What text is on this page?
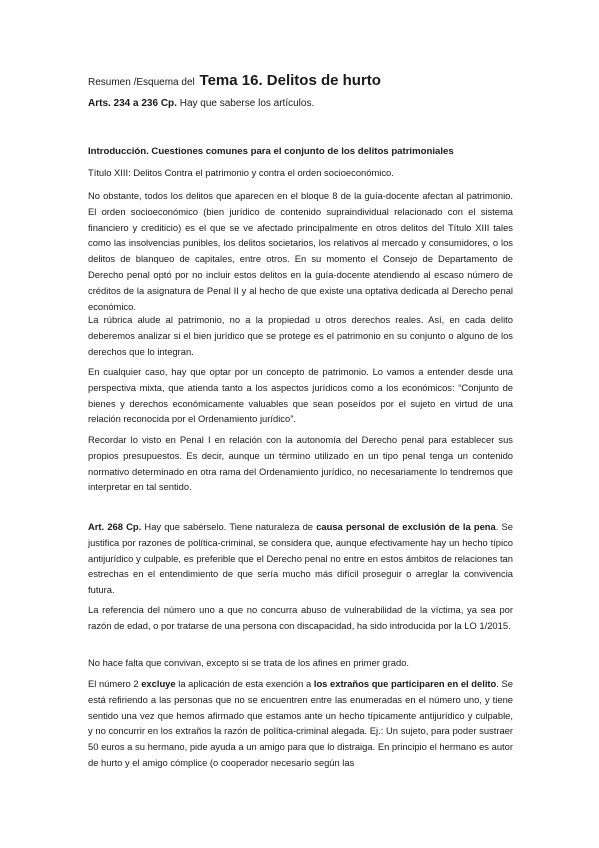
Resumen /Esquema del Tema 16. Delitos de hurto
Arts. 234 a 236 Cp. Hay que saberse los artículos.

Introducción. Cuestiones comunes para el conjunto de los delitos patrimoniales

Título XIII: Delitos Contra el patrimonio y contra el orden socioeconómico.

No obstante, todos los delitos que aparecen en el bloque 8 de la guía-docente afectan al patrimonio. El orden socioeconómico (bien jurídico de contenido supraindividual relacionado con el sistema financiero y crediticio) es el que se ve afectado principalmente en otros delitos del Título XIII tales como las insolvencias punibles, los delitos societarios, los relativos al mercado y consumidores, o los delitos de blanqueo de capitales, entre otros. En su momento el Consejo de Departamento de Derecho penal optó por no incluir estos delitos en la guía-docente atendiendo al escaso número de créditos de la asignatura de Penal II y al hecho de que existe una optativa dedicada al Derecho penal económico.

La rúbrica alude al patrimonio, no a la propiedad u otros derechos reales. Así, en cada delito deberemos analizar si el bien jurídico que se protege es el patrimonio en su conjunto o alguno de los derechos que lo integran.

En cualquier caso, hay que optar por un concepto de patrimonio. Lo vamos a entender desde una perspectiva mixta, que atienda tanto a los aspectos jurídicos como a los económicos: “Conjunto de bienes y derechos económicamente valuables que sean poseídos por el sujeto en virtud de una relación reconocida por el Ordenamiento jurídico”.

Recordar lo visto en Penal I en relación con la autonomía del Derecho penal para establecer sus propios presupuestos. Es decir, aunque un término utilizado en un tipo penal tenga un contenido normativo determinado en otra rama del Ordenamiento jurídico, no necesariamente lo tendremos que interpretar en tal sentido.

Art. 268 Cp. Hay que sabérselo. Tiene naturaleza de causa personal de exclusión de la pena. Se justifica por razones de política-criminal, se considera que, aunque efectivamente hay un hecho típico antijurídico y culpable, es preferible que el Derecho penal no entre en estos ámbitos de relaciones tan estrechas en el entendimiento de que sería mucho más difícil proseguir o arreglar la convivencia futura.

La referencia del número uno a que no concurra abuso de vulnerabilidad de la víctima, ya sea por razón de edad, o por tratarse de una persona con discapacidad, ha sido introducida por la LO 1/2015.

No hace falta que convivan, excepto si se trata de los afines en primer grado.

El número 2 excluye la aplicación de esta exención a los extraños que participaren en el delito. Se está refiriendo a las personas que no se encuentren entre las enumeradas en el número uno, y tiene sentido una vez que hemos afirmado que estamos ante un hecho típicamente antijurídico y culpable, y no concurrir en los extraños la razón de política-criminal alegada. Ej.: Un sujeto, para poder sustraer 50 euros a su hermano, pide ayuda a un amigo para que lo distraiga. En principio el hermano es autor de hurto y el amigo cómplice (o cooperador necesario según las
